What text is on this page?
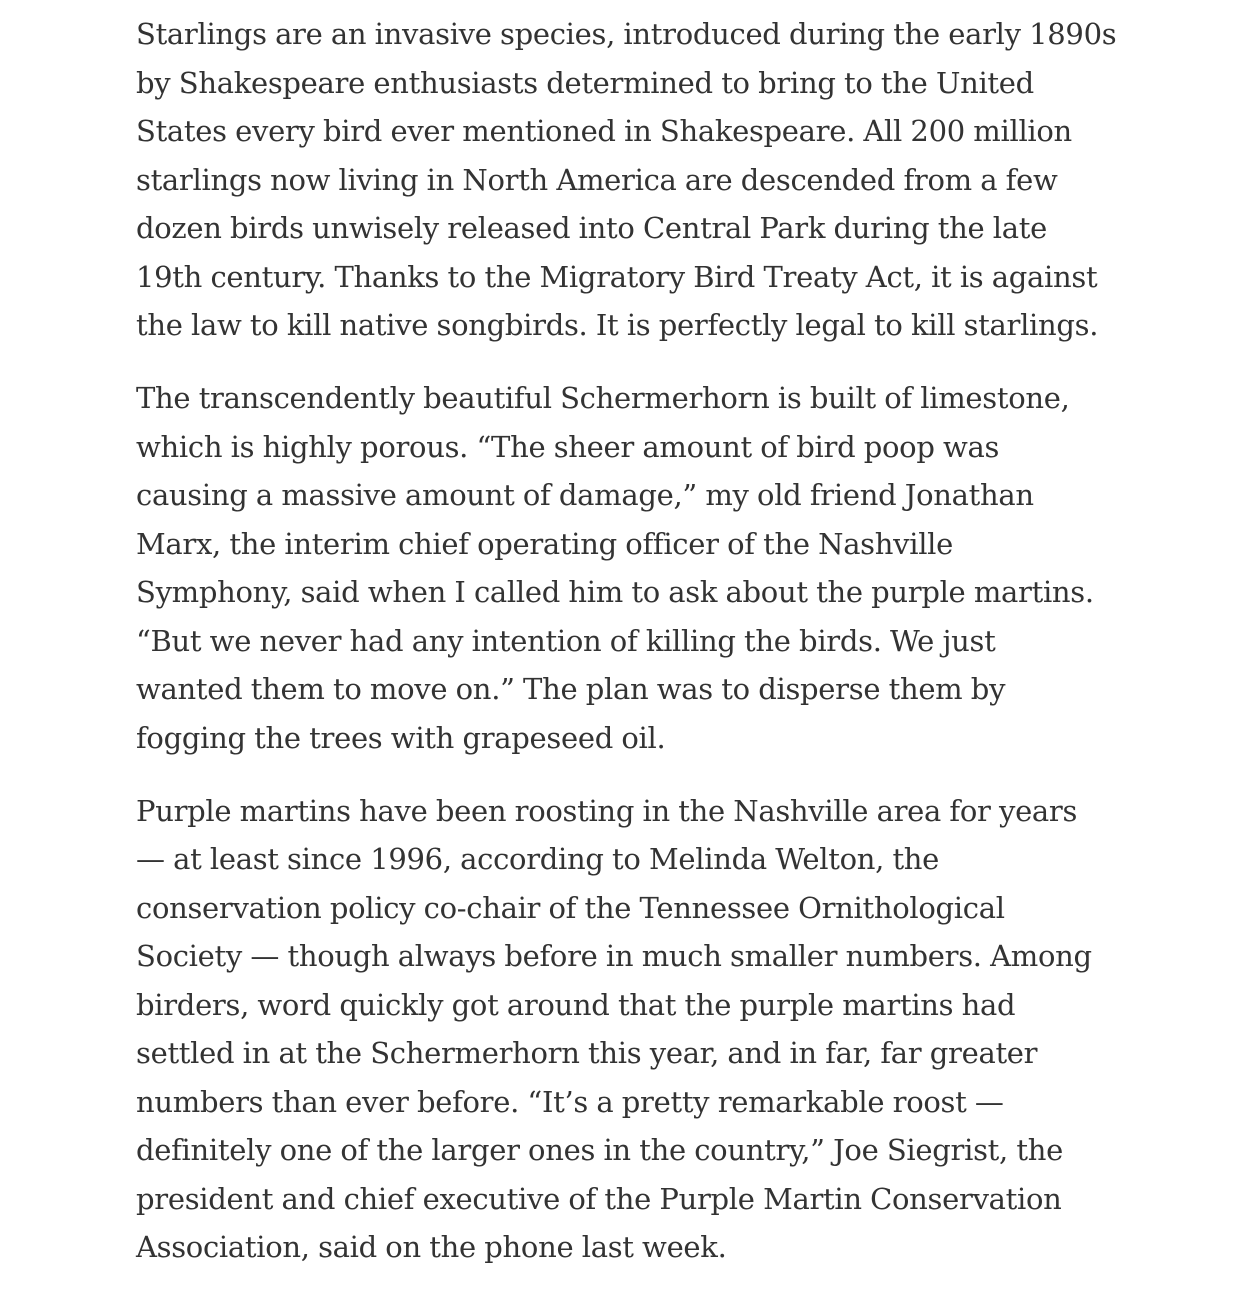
Starlings are an invasive species, introduced during the early 1890s
by Shakespeare enthusiasts determined to bring to the United
States every bird ever mentioned in Shakespeare. All 200 million
starlings now living in North America are descended from a few
dozen birds unwisely released into Central Park during the late
19th century. Thanks to the Migratory Bird Treaty Act, it is against
the law to kill native songbirds. It is perfectly legal to kill starlings.

The transcendently beautiful Schermerhorn is built of limestone,
which is highly porous. “The sheer amount of bird poop was
causing a massive amount of damage,” my old friend Jonathan
Marx, the interim chief operating officer of the Nashville
Symphony, said when I called him to ask about the purple martins.
“But we never had any intention of killing the birds. We just
wanted them to move on.” The plan was to disperse them by
fogging the trees with grapeseed oil.

Purple martins have been roosting in the Nashville area for years
— at least since 1996, according to Melinda Welton, the
conservation policy co-chair of the Tennessee Ornithological
Society — though always before in much smaller numbers. Among
birders, word quickly got around that the purple martins had
settled in at the Schermerhorn this year, and in far, far greater
numbers than ever before. “It’s a pretty remarkable roost —
definitely one of the larger ones in the country,” Joe Siegrist, the
president and chief executive of the Purple Martin Conservation
Association, said on the phone last week.
